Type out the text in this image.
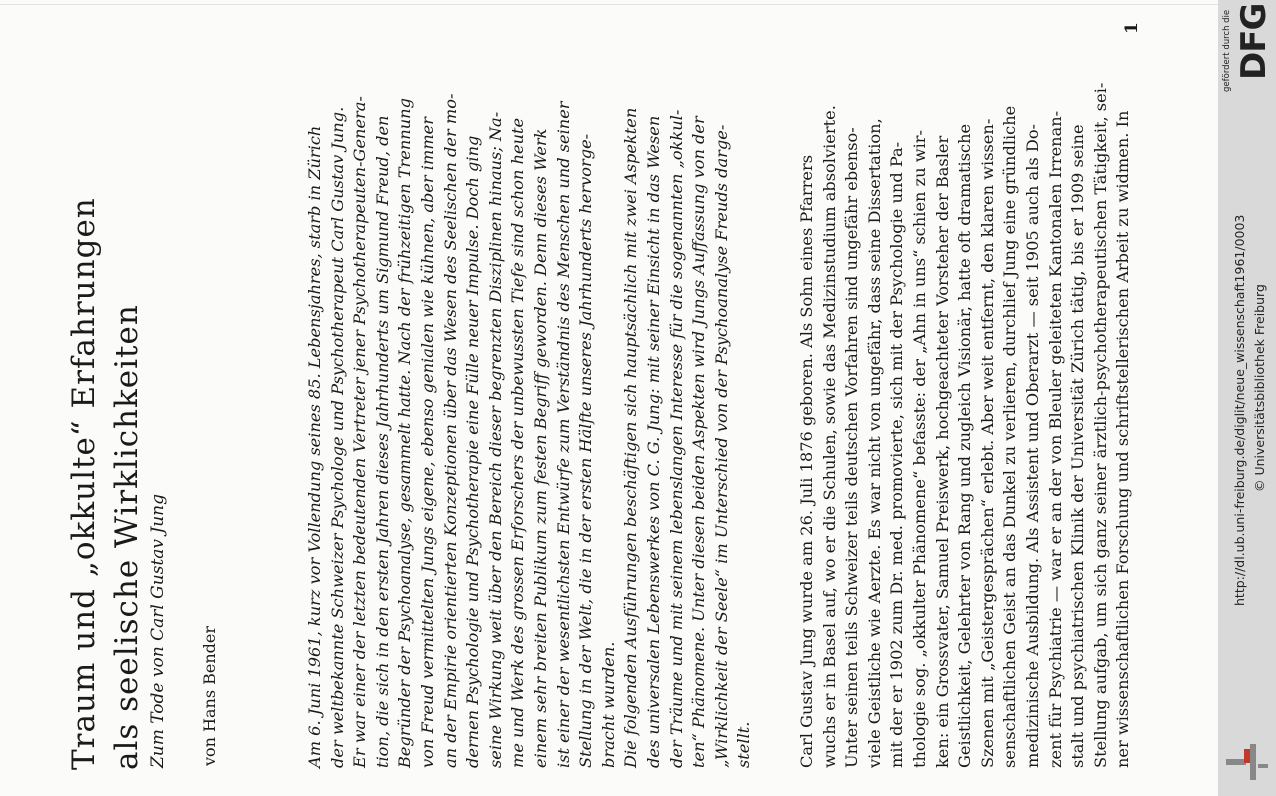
Traum und „okkulte“ Erfahrungen als seelische Wirklichkeiten Zum Tode von Carl Gustav Jung von Hans Bender	Am 6. Juni 1961, kurz vor Vollendung seines 85. Lebensjahres, starb in Zürich der weltbekannte Schweizer Psychologe und Psychotherapeut Carl Gustav Jung. Er war einer der letzten bedeutenden Vertreter jener Psychotherapeuten-Genera- tion, die sich in den ersten Jahren dieses Jahrhunderts um Sigmund Freud, den Begründer der Psychoanalyse, gesammelt hatte. Nach der frühzeitigen Trennung von Freud vermittelten Jungs eigene, ebenso genialen wie kühnen, aber immer an der Empirie orientierten Konzeptionen über das Wesen des Seelischen der mo- dernen Psychologie und Psychotherapie eine Fülle neuer Impulse. Doch ging seine Wirkung weit über den Bereich dieser begrenzten Disziplinen hinaus; Na- me und Werk des grossen Erforschers der unbewussten Tiefe sind schon heute einem sehr breiten Publikum zum festen Begriff geworden. Denn dieses Werk ist einer der wesentlichsten Entwürfe zum Verständnis des Menschen und seiner Stellung in der Welt, die in der ersten Hälfte unseres Jahrhunderts hervorge- bracht wurden. Die folgenden Ausführungen beschäftigen sich hauptsächlich mit zwei Aspekten des universalen Lebenswerkes von C. G. Jung: mit seiner Einsicht in das Wesen der Träume und mit seinem lebenslangen Interesse für die sogenannten „okkul- ten“ Phänomene. Unter diesen beiden Aspekten wird Jungs Auffassung von der „Wirklichkeit der Seele“ im Unterschied von der Psychoanalyse Freuds darge- stellt.	Carl Gustav Jung wurde am 26. Juli 1876 geboren. Als Sohn eines Pfarrers wuchs er in Basel auf, wo er die Schulen, sowie das Medizinstudium absolvierte. Unter seinen teils Schweizer teils deutschen Vorfahren sind ungefähr ebenso- viele Geistliche wie Aerzte. Es war nicht von ungefähr, dass seine Dissertation, mit der er 1902 zum Dr. med. promovierte, sich mit der Psychologie und Pa- thologie sog. „okkulter Phänomene“ befasste: der „Ahn in uns“ schien zu wir- ken: ein Grossvater, Samuel Preiswerk, hochgeachteter Vorsteher der Basler Geistlichkeit, Gelehrter von Rang und zugleich Visionär, hatte oft dramatische Szenen mit „Geistergesprächen“ erlebt. Aber weit entfernt, den klaren wissen- senschaftlichen Geist an das Dunkel zu verlieren, durchlief Jung eine gründliche medizinische Ausbildung. Als Assistent und Oberarzt — seit 1905 auch als Do- zent für Psychiatrie — war er an der von Bleuler geleiteten Kantonalen Irrenan- stalt und psychiatrischen Klinik der Universität Zürich tätig, bis er 1909 seine Stellung aufgab, um sich ganz seiner ärztlich-psychotherapeutischen Tätigkeit, sei- ner wissenschaftlichen Forschung und schriftstellerischen Arbeit zu widmen. In
1
http://dl.ub.uni-freiburg.de/diglit/neue_wissenschaft1961/0003 © Universitätsbibliothek Freiburg
gefördert durch die DFG
